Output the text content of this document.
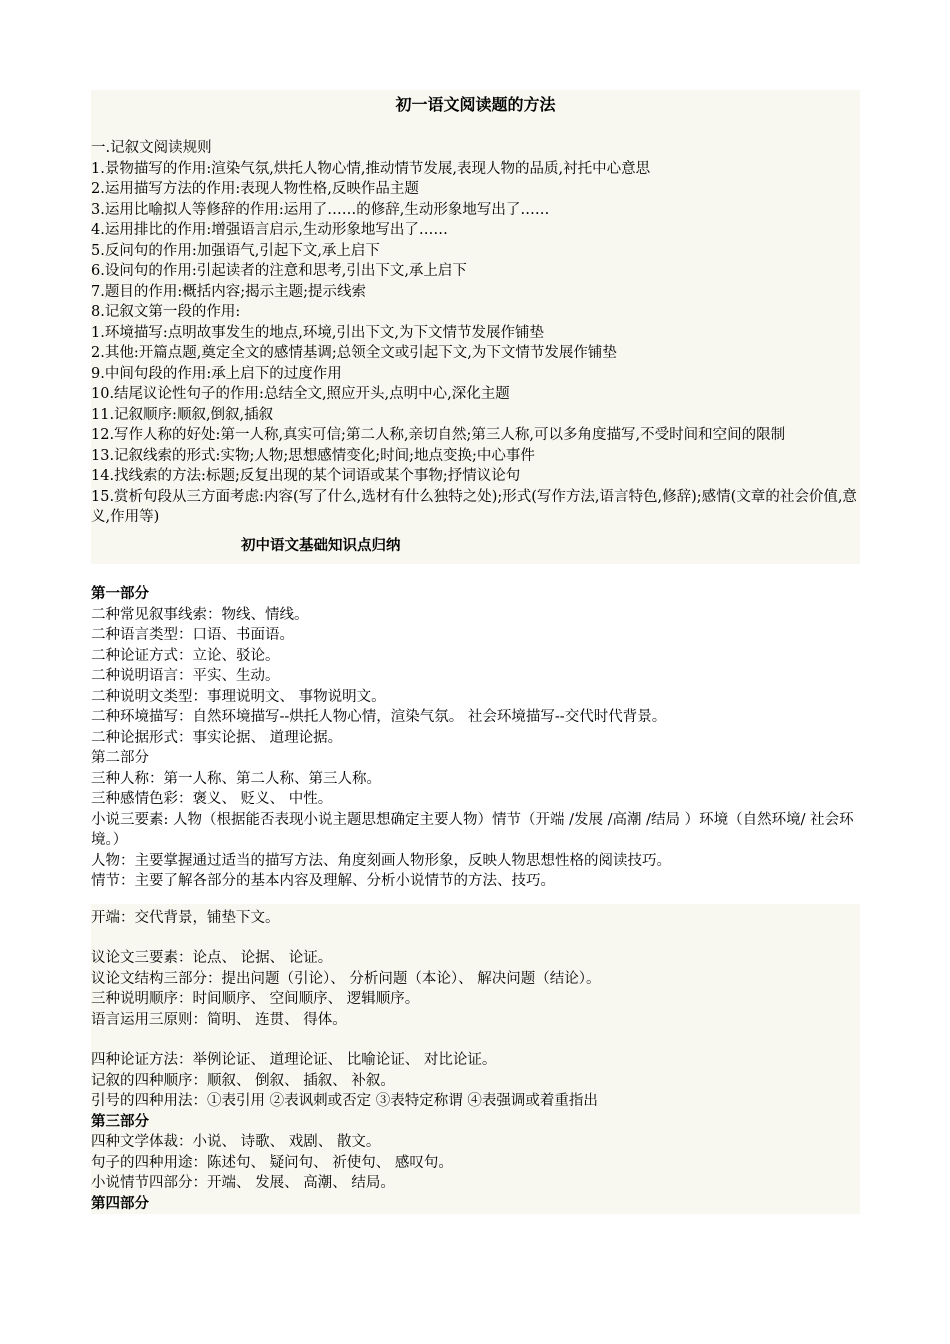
初一语文阅读题的方法
一.记叙文阅读规则
1.景物描写的作用:渲染气氛,烘托人物心情,推动情节发展,表现人物的品质,衬托中心意思
2.运用描写方法的作用:表现人物性格,反映作品主题
3.运用比喻拟人等修辞的作用:运用了……的修辞,生动形象地写出了……
4.运用排比的作用:增强语言启示,生动形象地写出了……
5.反问句的作用:加强语气,引起下文,承上启下
6.设问句的作用:引起读者的注意和思考,引出下文,承上启下
7.题目的作用:概括内容;揭示主题;提示线索
8.记叙文第一段的作用:
1.环境描写:点明故事发生的地点,环境,引出下文,为下文情节发展作铺垫
2.其他:开篇点题,奠定全文的感情基调;总领全文或引起下文,为下文情节发展作铺垫
9.中间句段的作用:承上启下的过度作用
10.结尾议论性句子的作用:总结全文,照应开头,点明中心,深化主题
11.记叙顺序:顺叙,倒叙,插叙
12.写作人称的好处:第一人称,真实可信;第二人称,亲切自然;第三人称,可以多角度描写,不受时间和空间的限制
13.记叙线索的形式:实物;人物;思想感情变化;时间;地点变换;中心事件
14.找线索的方法:标题;反复出现的某个词语或某个事物;抒情议论句
15.赏析句段从三方面考虑:内容(写了什么,选材有什么独特之处);形式(写作方法,语言特色,修辞);感情(文章的社会价值,意义,作用等)
初中语文基础知识点归纳
第一部分
二种常见叙事线索：物线、情线。
二种语言类型：口语、书面语。
二种论证方式：立论、驳论。
二种说明语言：平实、生动。
二种说明文类型：事理说明文、 事物说明文。
二种环境描写：自然环境描写--烘托人物心情，渲染气氛。 社会环境描写--交代时代背景。
二种论据形式：事实论据、 道理论据。
第二部分
三种人称：第一人称、第二人称、第三人称。
三种感情色彩：褒义、 贬义、 中性。
小说三要素: 人物（根据能否表现小说主题思想确定主要人物）情节（开端 /发展 /高潮 /结局 ）环境（自然环境/ 社会环境。）
人物：主要掌握通过适当的描写方法、角度刻画人物形象，反映人物思想性格的阅读技巧。
情节：主要了解各部分的基本内容及理解、分析小说情节的方法、技巧。
开端：交代背景，铺垫下文。
议论文三要素：论点、 论据、 论证。
议论文结构三部分：提出问题（引论）、 分析问题（本论）、 解决问题（结论）。
三种说明顺序：时间顺序、 空间顺序、 逻辑顺序。
语言运用三原则：简明、 连贯、 得体。
四种论证方法：举例论证、 道理论证、 比喻论证、 对比论证。
记叙的四种顺序：顺叙、 倒叙、 插叙、 补叙。
引号的四种用法：①表引用 ②表讽刺或否定 ③表特定称谓 ④表强调或着重指出
第三部分
四种文学体裁：小说、 诗歌、 戏剧、 散文。
句子的四种用途：陈述句、 疑问句、 祈使句、 感叹句。
小说情节四部分：开端、 发展、 高潮、 结局。
第四部分
